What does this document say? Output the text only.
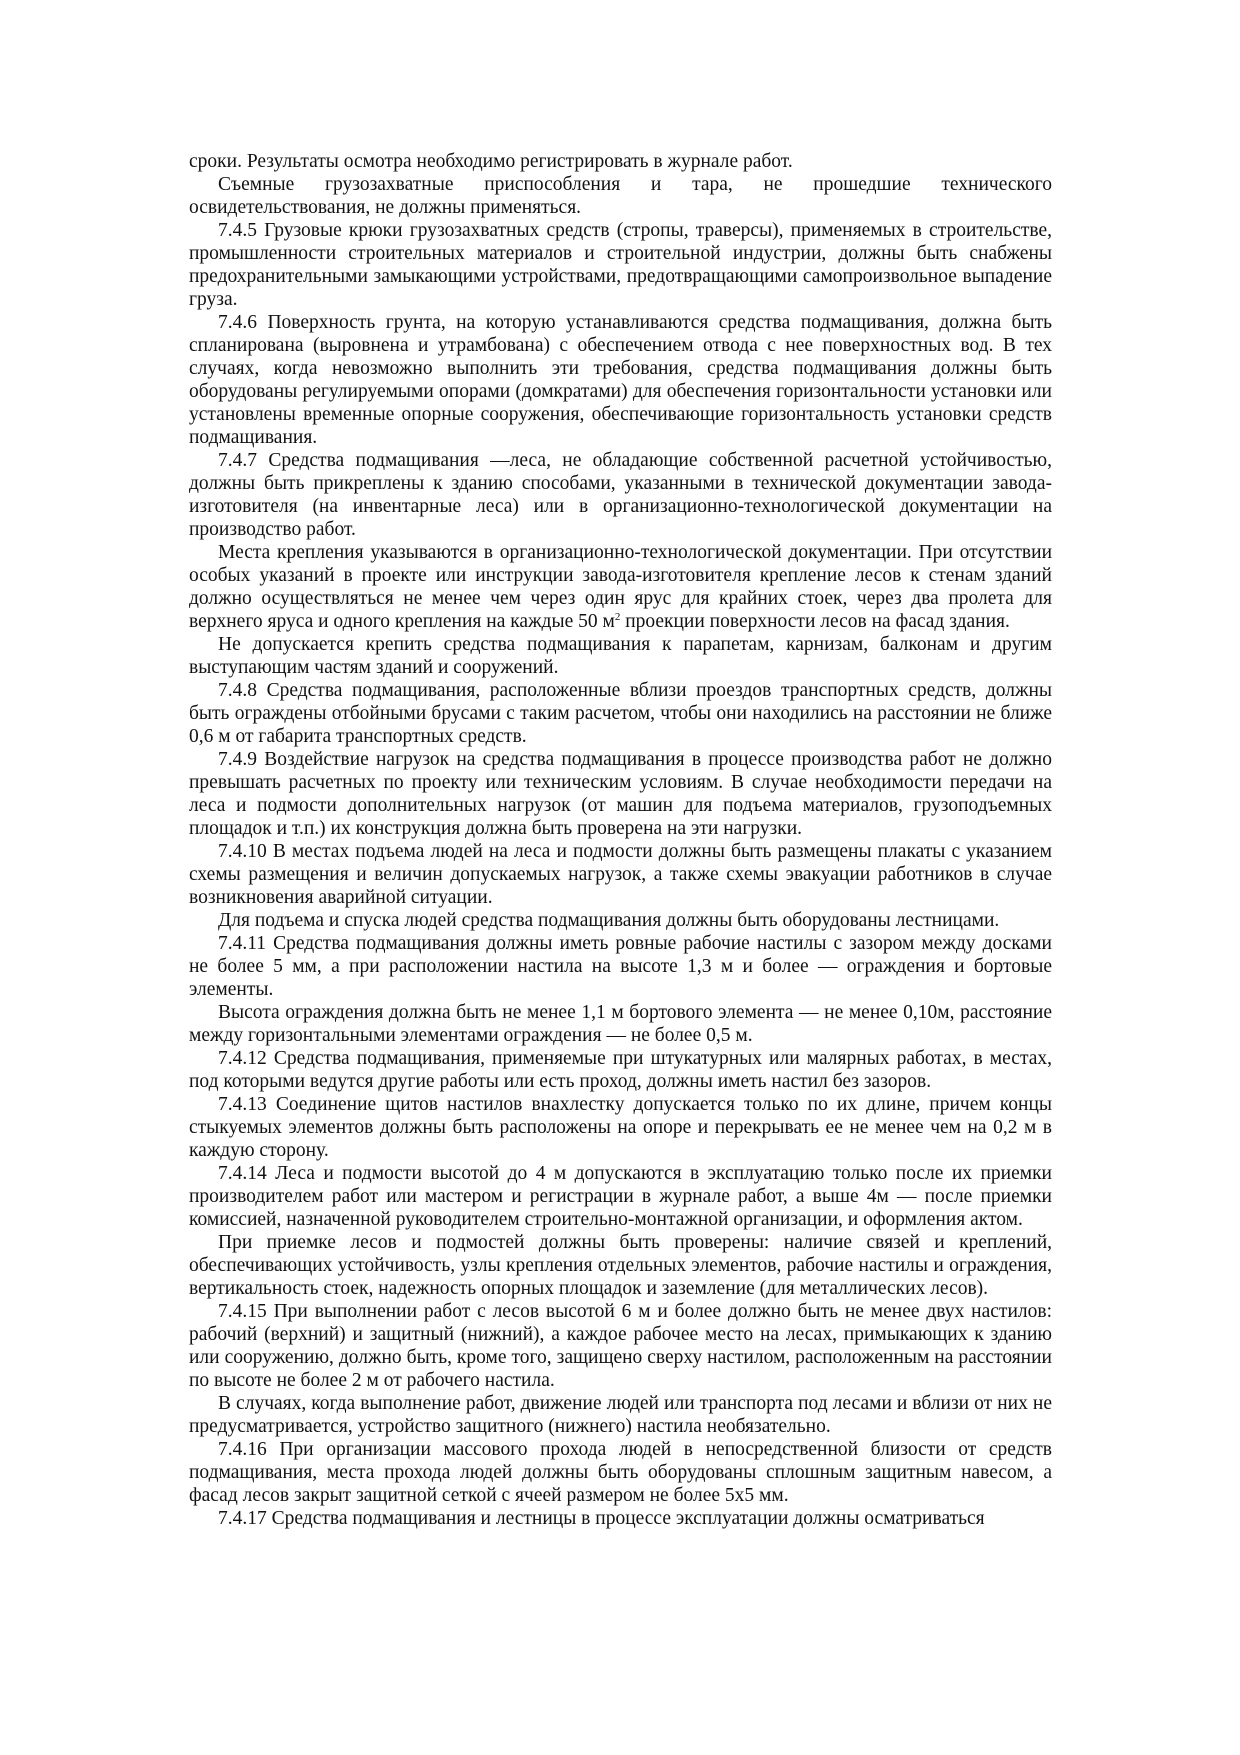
сроки. Результаты осмотра необходимо регистрировать в журнале работ.

Съемные грузозахватные приспособления и тара, не прошедшие технического освидетельствования, не должны применяться.

7.4.5 Грузовые крюки грузозахватных средств (стропы, траверсы), применяемых в строительстве, промышленности строительных материалов и строительной индустрии, должны быть снабжены предохранительными замыкающими устройствами, предотвращающими самопроизвольное выпадение груза.

7.4.6 Поверхность грунта, на которую устанавливаются средства подмащивания, должна быть спланирована (выровнена и утрамбована) с обеспечением отвода с нее поверхностных вод. В тех случаях, когда невозможно выполнить эти требования, средства подмащивания должны быть оборудованы регулируемыми опорами (домкратами) для обеспечения горизонтальности установки или установлены временные опорные сооружения, обеспечивающие горизонтальность установки средств подмащивания.

7.4.7 Средства подмащивания —леса, не обладающие собственной расчетной устойчивостью, должны быть прикреплены к зданию способами, указанными в технической документации завода-изготовителя (на инвентарные леса) или в организационно-технологической документации на производство работ.

Места крепления указываются в организационно-технологической документации. При отсутствии особых указаний в проекте или инструкции завода-изготовителя крепление лесов к стенам зданий должно осуществляться не менее чем через один ярус для крайних стоек, через два пролета для верхнего яруса и одного крепления на каждые 50 $м^2$ проекции поверхности лесов на фасад здания.

Не допускается крепить средства подмащивания к парапетам, карнизам, балконам и другим выступающим частям зданий и сооружений.

7.4.8 Средства подмащивания, расположенные вблизи проездов транспортных средств, должны быть ограждены отбойными брусами с таким расчетом, чтобы они находились на расстоянии не ближе 0,6 м от габарита транспортных средств.

7.4.9 Воздействие нагрузок на средства подмащивания в процессе производства работ не должно превышать расчетных по проекту или техническим условиям. В случае необходимости передачи на леса и подмости дополнительных нагрузок (от машин для подъема материалов, грузоподъемных площадок и т.п.) их конструкция должна быть проверена на эти нагрузки.

7.4.10 В местах подъема людей на леса и подмости должны быть размещены плакаты с указанием схемы размещения и величин допускаемых нагрузок, а также схемы эвакуации работников в случае возникновения аварийной ситуации.

Для подъема и спуска людей средства подмащивания должны быть оборудованы лестницами.

7.4.11 Средства подмащивания должны иметь ровные рабочие настилы с зазором между досками не более 5 мм, а при расположении настила на высоте 1,3 м и более — ограждения и бортовые элементы.

Высота ограждения должна быть не менее 1,1 м бортового элемента — не менее 0,10м, расстояние между горизонтальными элементами ограждения — не более 0,5 м.

7.4.12 Средства подмащивания, применяемые при штукатурных или малярных работах, в местах, под которыми ведутся другие работы или есть проход, должны иметь настил без зазоров.

7.4.13 Соединение щитов настилов внахлестку допускается только по их длине, причем концы стыкуемых элементов должны быть расположены на опоре и перекрывать ее не менее чем на 0,2 м в каждую сторону.

7.4.14 Леса и подмости высотой до 4 м допускаются в эксплуатацию только после их приемки производителем работ или мастером и регистрации в журнале работ, а выше 4м — после приемки комиссией, назначенной руководителем строительно-монтажной организации, и оформления актом.

При приемке лесов и подмостей должны быть проверены: наличие связей и креплений, обеспечивающих устойчивость, узлы крепления отдельных элементов, рабочие настилы и ограждения, вертикальность стоек, надежность опорных площадок и заземление (для металлических лесов).

7.4.15 При выполнении работ с лесов высотой 6 м и более должно быть не менее двух настилов: рабочий (верхний) и защитный (нижний), а каждое рабочее место на лесах, примыкающих к зданию или сооружению, должно быть, кроме того, защищено сверху настилом, расположенным на расстоянии по высоте не более 2 м от рабочего настила.

В случаях, когда выполнение работ, движение людей или транспорта под лесами и вблизи от них не предусматривается, устройство защитного (нижнего) настила необязательно.

7.4.16 При организации массового прохода людей в непосредственной близости от средств подмащивания, места прохода людей должны быть оборудованы сплошным защитным навесом, а фасад лесов закрыт защитной сеткой с ячеей размером не более 5х5 мм.

7.4.17 Средства подмащивания и лестницы в процессе эксплуатации должны осматриваться
